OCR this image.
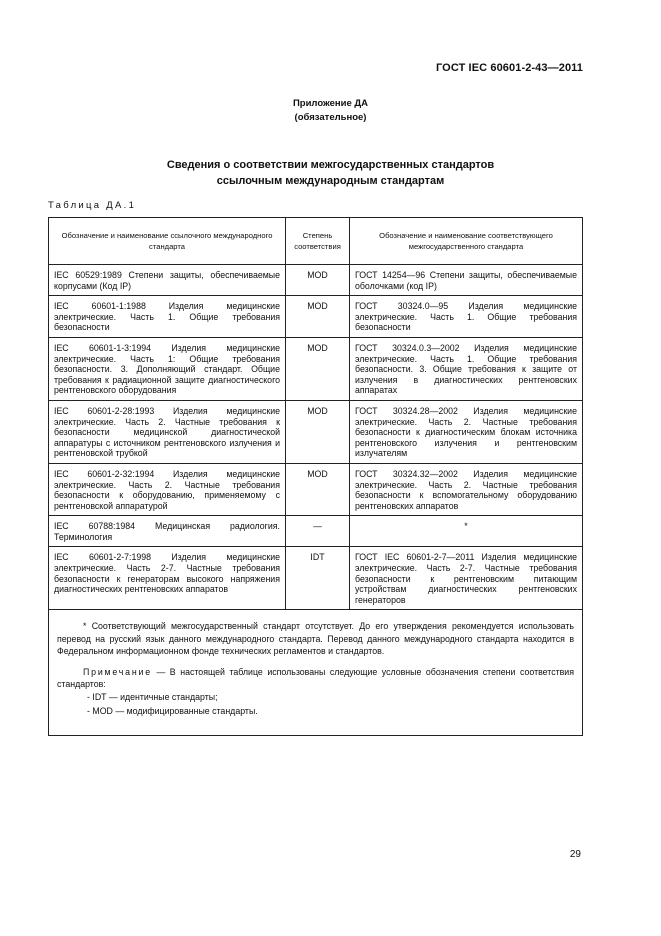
ГОСТ IEC 60601-2-43—2011
Приложение ДА
(обязательное)
Сведения о соответствии межгосударственных стандартов
ссылочным международным стандартам
Таблица ДА.1
Обозначение и наименование ссылочного международного стандарта	Степень соответствия	Обозначение и наименование соответствующего межгосударственного стандарта
IEC 60529:1989 Степени защиты, обеспечиваемые корпусами (Код IP)	MOD	ГОСТ 14254—96 Степени защиты, обеспечиваемые оболочками (код IP)
IEC 60601-1:1988 Изделия медицинские электрические. Часть 1. Общие требования безопасности	MOD	ГОСТ 30324.0—95 Изделия медицинские электрические. Часть 1. Общие требования безопасности
IEC 60601-1-3:1994 Изделия медицинские электрические. Часть 1: Общие требования безопасности. 3. Дополняющий стандарт. Общие требования к радиационной защите диагностического рентгеновского оборудования	MOD	ГОСТ 30324.0.3—2002 Изделия медицинские электрические. Часть 1. Общие требования безопасности. 3. Общие требования к защите от излучения в диагностических рентгеновских аппаратах
IEC 60601-2-28:1993 Изделия медицинские электрические. Часть 2. Частные требования к безопасности медицинской диагностической аппаратуры с источником рентгеновского излучения и рентгеновской трубкой	MOD	ГОСТ 30324.28—2002 Изделия медицинские электрические. Часть 2. Частные требования безопасности к диагностическим блокам источника рентгеновского излучения и рентгеновским излучателям
IEC 60601-2-32:1994 Изделия медицинские электрические. Часть 2. Частные требования безопасности к оборудованию, применяемому с рентгеновской аппаратурой	MOD	ГОСТ 30324.32—2002 Изделия медицинские электрические. Часть 2. Частные требования безопасности к вспомогательному оборудованию рентгеновских аппаратов
IEC 60788:1984 Медицинская радиология. Терминология	—	*
IEC 60601-2-7:1998 Изделия медицинские электрические. Часть 2-7. Частные требования безопасности к генераторам высокого напряжения диагностических рентгеновских аппаратов	IDT	ГОСТ IEC 60601-2-7—2011 Изделия медицинские электрические. Часть 2-7. Частные требования безопасности к рентгеновским питающим устройствам диагностических рентгеновских генераторов

* Соответствующий межгосударственный стандарт отсутствует. До его утверждения рекомендуется использовать перевод на русский язык данного международного стандарта. Перевод данного международного стандарта находится в Федеральном информационном фонде технических регламентов и стандартов.

Примечание — В настоящей таблице использованы следующие условные обозначения степени соответствия стандартов:

- IDT — идентичные стандарты;
- MOD — модифицированные стандарты.		
29
